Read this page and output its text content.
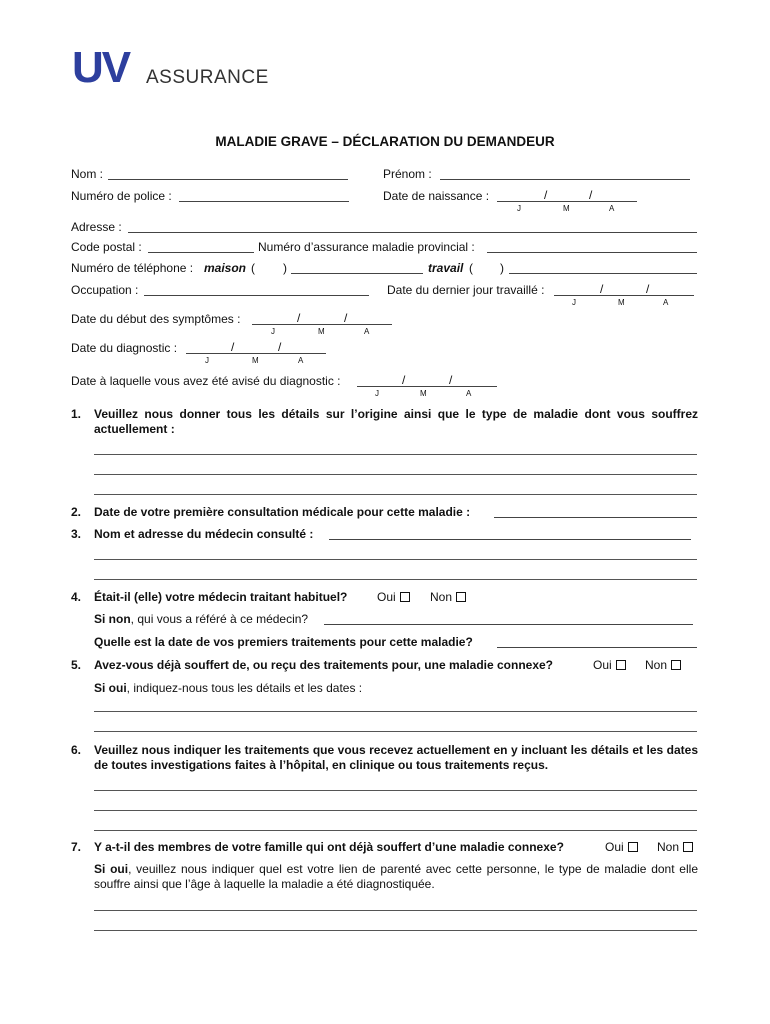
UV ASSURANCE
MALADIE GRAVE – DÉCLARATION DU DEMANDEUR
Nom :	Prénom :
Numéro de police :	Date de naissance :	/	/
J	M	A
Adresse :
Code postal :	Numéro d’assurance maladie provincial :
Numéro de téléphone : maison ( )	travail ( )
Occupation :	Date du dernier jour travaillé :	/	/
J	M	A
Date du début des symptômes :	/	/
J	M	A
Date du diagnostic :	/	/
J	M	A
Date à laquelle vous avez été avisé du diagnostic :	/	/
J	M	A
1. Veuillez nous donner tous les détails sur l’origine ainsi que le type de maladie dont vous souffrez actuellement :
2. Date de votre première consultation médicale pour cette maladie :
3. Nom et adresse du médecin consulté :
4. Était-il (elle) votre médecin traitant habituel? Oui	Non
Si non, qui vous a référé à ce médecin?
Quelle est la date de vos premiers traitements pour cette maladie?
5. Avez-vous déjà souffert de, ou reçu des traitements pour, une maladie connexe?	Oui	Non
Si oui, indiquez-nous tous les détails et les dates :
6. Veuillez nous indiquer les traitements que vous recevez actuellement en y incluant les détails et les dates de toutes investigations faites à l’hôpital, en clinique ou tous traitements reçus.
7. Y a-t-il des membres de votre famille qui ont déjà souffert d’une maladie connexe?	Oui	Non
Si oui, veuillez nous indiquer quel est votre lien de parenté avec cette personne, le type de maladie dont elle souffre ainsi que l’âge à laquelle la maladie a été diagnostiquée.
